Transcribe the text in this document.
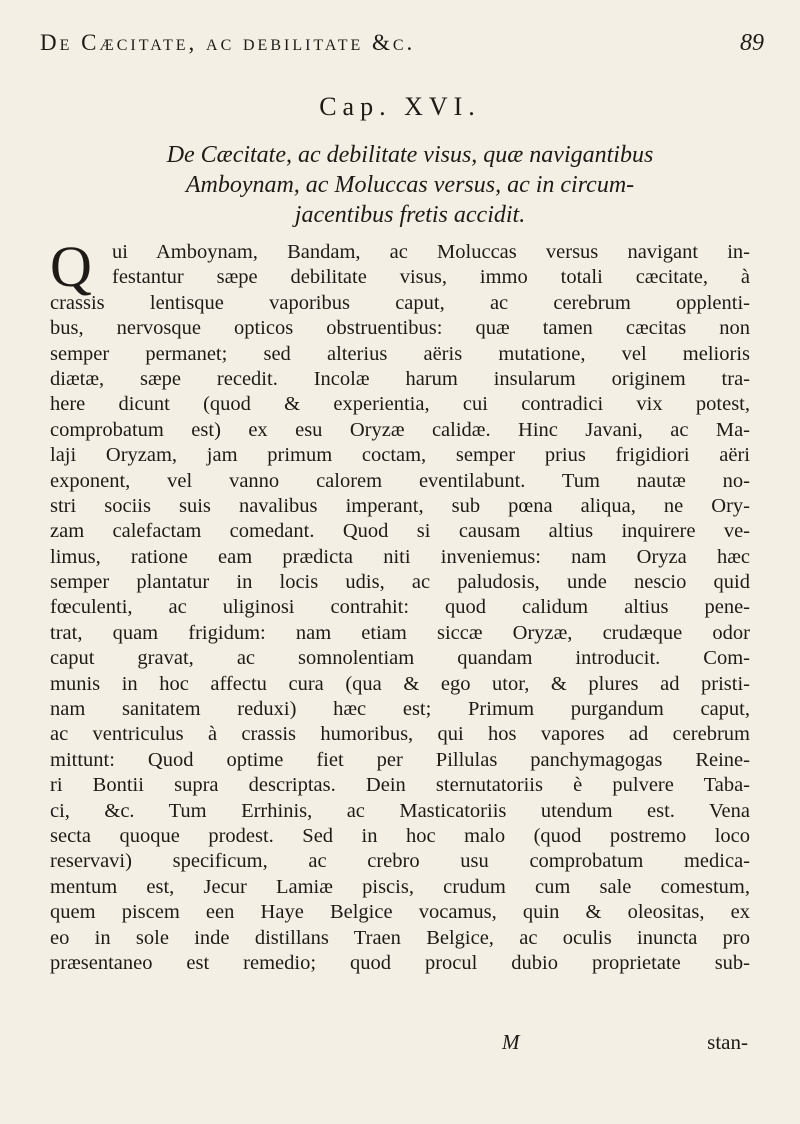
De Cæcitate, ac debilitate &c.	89
Cap. XVI.
De Cæcitate, ac debilitate visus, quæ navigantibus
Amboynam, ac Moluccas versus, ac in circum-
jacentibus fretis accidit.
Q ui Amboynam, Bandam, ac Moluccas versus navigant in-
festantur sæpe debilitate visus, immo totali cæcitate, à
crassis lentisque vaporibus caput, ac cerebrum opplenti-
bus, nervosque opticos obstruentibus: quæ tamen cæcitas non
semper permanet; sed alterius aëris mutatione, vel melioris
diætæ, sæpe recedit. Incolæ harum insularum originem tra-
here dicunt (quod & experientia, cui contradici vix potest,
comprobatum est) ex esu Oryzæ calidæ. Hinc Javani, ac Ma-
laji Oryzam, jam primum coctam, semper prius frigidiori aëri
exponent, vel vanno calorem eventilabunt. Tum nautæ no-
stri sociis suis navalibus imperant, sub pœna aliqua, ne Ory-
zam calefactam comedant. Quod si causam altius inquirere ve-
limus, ratione eam prædicta niti inveniemus: nam Oryza hæc
semper plantatur in locis udis, ac paludosis, unde nescio quid
fœculenti, ac uliginosi contrahit: quod calidum altius pene-
trat, quam frigidum: nam etiam siccæ Oryzæ, crudæque odor
caput gravat, ac somnolentiam quandam introducit. Com-
munis in hoc affectu cura (qua & ego utor, & plures ad pristi-
nam sanitatem reduxi) hæc est; Primum purgandum caput,
ac ventriculus à crassis humoribus, qui hos vapores ad cerebrum
mittunt: Quod optime fiet per Pillulas panchymagogas Reine-
ri Bontii supra descriptas. Dein sternutatoriis è pulvere Taba-
ci, &c. Tum Errhinis, ac Masticatoriis utendum est. Vena
secta quoque prodest. Sed in hoc malo (quod postremo loco
reservavi) specificum, ac crebro usu comprobatum medica-
mentum est, Jecur Lamiæ piscis, crudum cum sale comestum,
quem piscem een Haye Belgice vocamus, quin & oleositas, ex
eo in sole inde distillans Traen Belgice, ac oculis inuncta pro
præsentaneo est remedio; quod procul dubio proprietate sub-
M	stan-
